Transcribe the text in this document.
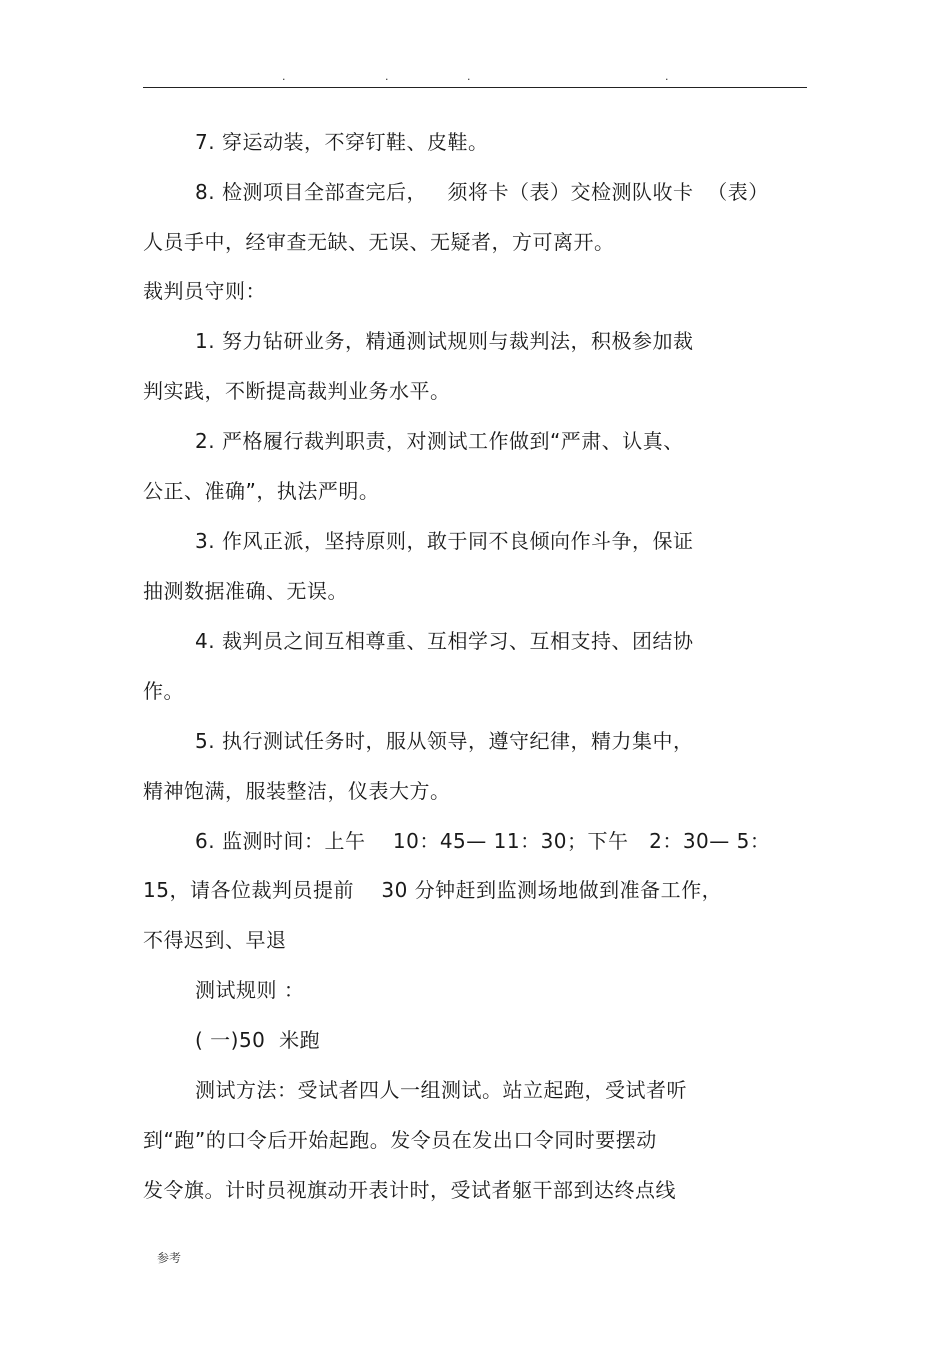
.	.	.	.
7. 穿运动装，不穿钉鞋、皮鞋。
8. 检测项目全部查完后，   须将卡（表）交检测队收卡  （表）
人员手中，经审查无缺、无误、无疑者，方可离开。
裁判员守则：
1. 努力钻研业务，精通测试规则与裁判法，积极参加裁
判实践，不断提高裁判业务水平。
2. 严格履行裁判职责，对测试工作做到“严肃、认真、
公正、准确”，执法严明。
3. 作风正派，坚持原则，敢于同不良倾向作斗争，保证
抽测数据准确、无误。
4. 裁判员之间互相尊重、互相学习、互相支持、团结协
作。
5. 执行测试任务时，服从领导，遵守纪律，精力集中，
精神饱满，服装整洁，仪表大方。
6. 监测时间：上午    10：45— 11：30；下午   2：30— 5：
15，请各位裁判员提前    30 分钟赶到监测场地做到准备工作，
不得迟到、早退
测试规则 ：
( 一)50  米跑
测试方法：受试者四人一组测试。站立起跑，受试者听
到“跑”的口令后开始起跑。发令员在发出口令同时要摆动
发令旗。计时员视旗动开表计时，受试者躯干部到达终点线
参考
